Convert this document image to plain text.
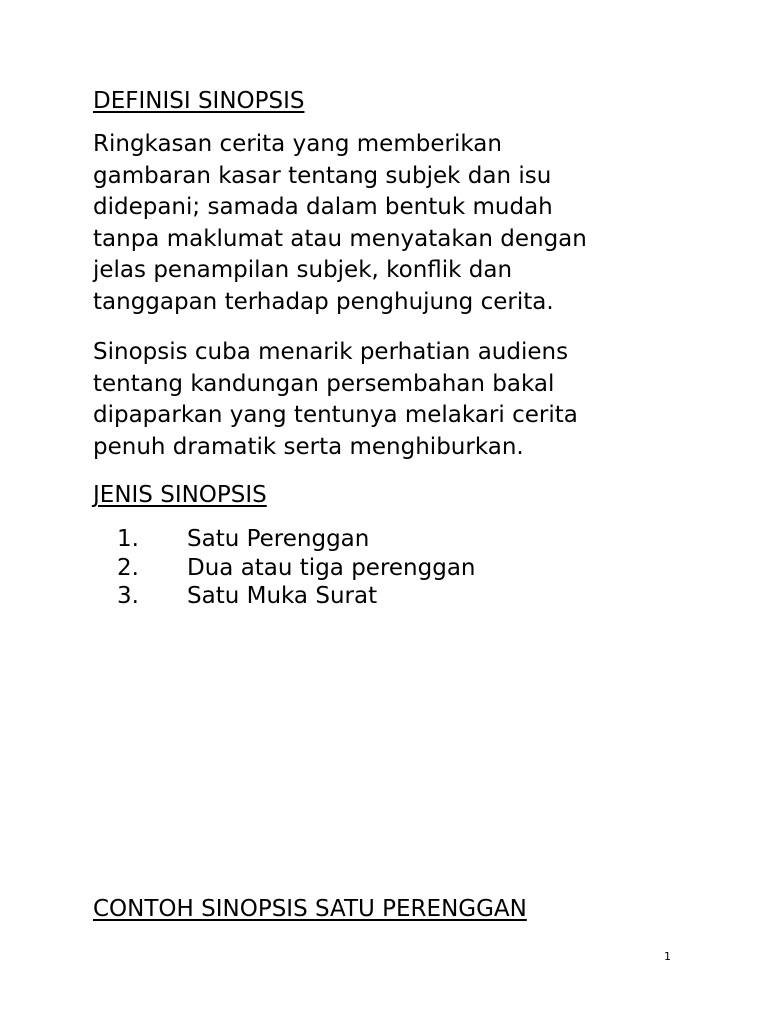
DEFINISI SINOPSIS

Ringkasan cerita yang memberikan
gambaran kasar tentang subjek dan isu
didepani; samada dalam bentuk mudah
tanpa maklumat atau menyatakan dengan
jelas penampilan subjek, konflik dan
tanggapan terhadap penghujung cerita.

Sinopsis cuba menarik perhatian audiens
tentang kandungan persembahan bakal
dipaparkan yang tentunya melakari cerita
penuh dramatik serta menghiburkan.

JENIS SINOPSIS
1. Satu Perenggan
2. Dua atau tiga perenggan
3. Satu Muka Surat
CONTOH SINOPSIS SATU PERENGGAN
1
